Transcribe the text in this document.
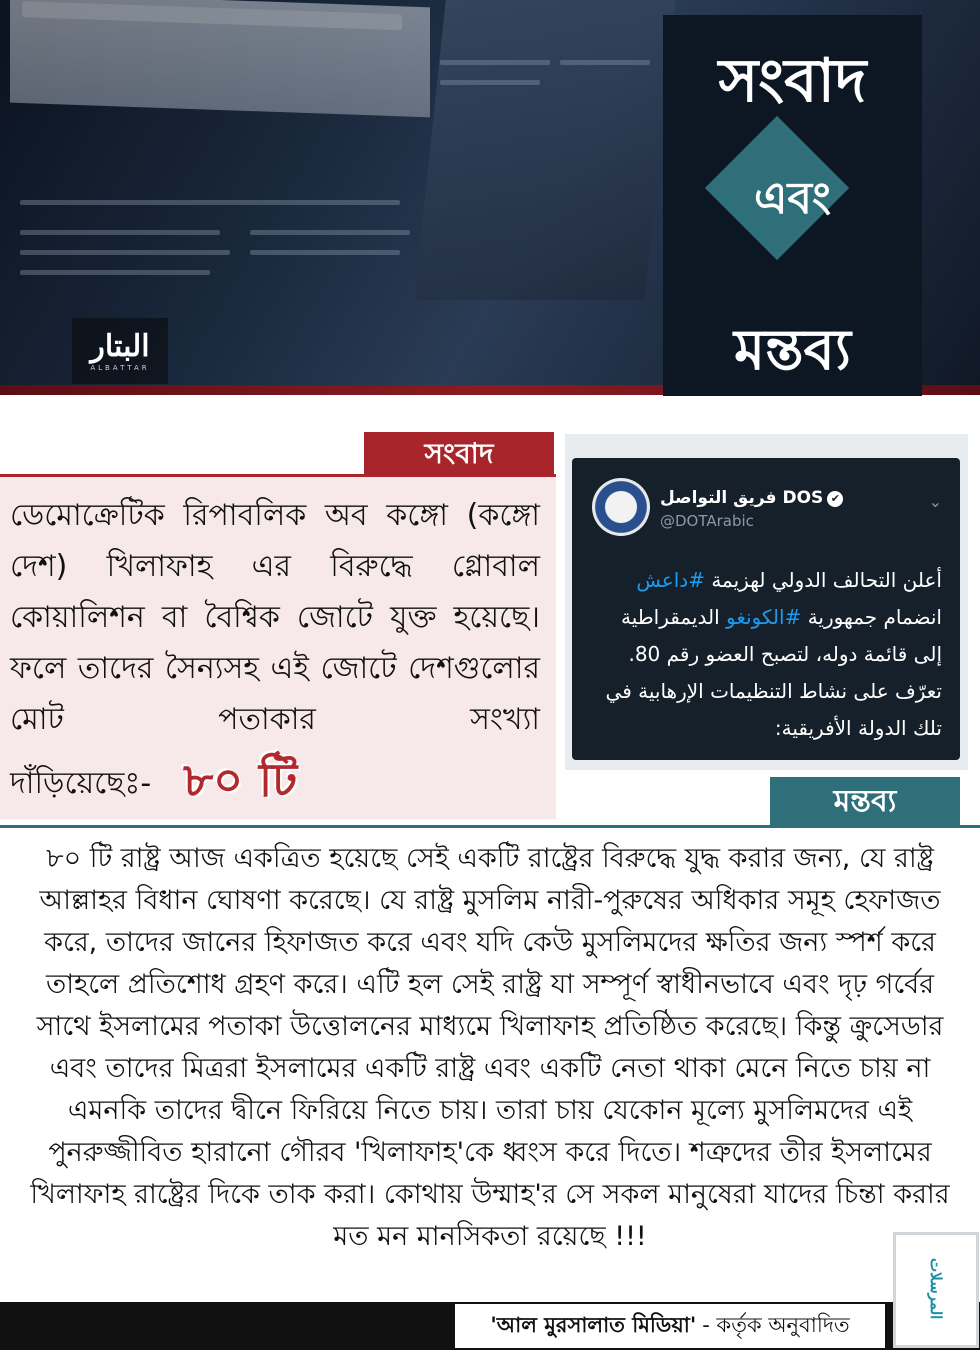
البتار
ALBATTAR
সংবাদ
এবং
মন্তব্য
সংবাদ
ডেমোক্রেটিক রিপাবলিক অব কঙ্গো (কঙ্গো দেশ) খিলাফাহ এর বিরুদ্ধে গ্লোবাল কোয়ালিশন বা বৈশ্বিক জোটে যুক্ত হয়েছে। ফলে তাদের সৈন্যসহ এই জোটে দেশগুলোর মোট পতাকার সংখ্যা
দাঁড়িয়েছেঃ- ৮০ টি
فريق التواصل DOS ✔
@DOTArabic
⌄
أعلن التحالف الدولي لهزيمة #داعش انضمام جمهورية #الكونغو الديمقراطية إلى قائمة دوله، لتصبح العضو رقم 80. تعرّف على نشاط التنظيمات الإرهابية في تلك الدولة الأفريقية:
মন্তব্য
৮০ টি রাষ্ট্র আজ একত্রিত হয়েছে সেই একটি রাষ্ট্রের বিরুদ্ধে যুদ্ধ করার জন্য, যে রাষ্ট্র আল্লাহর বিধান ঘোষণা করেছে। যে রাষ্ট্র মুসলিম নারী-পুরুষের অধিকার সমূহ হেফাজত করে, তাদের জানের হিফাজত করে এবং যদি কেউ মুসলিমদের ক্ষতির জন্য স্পর্শ করে তাহলে প্রতিশোধ গ্রহণ করে। এটি হল সেই রাষ্ট্র যা সম্পূর্ণ স্বাধীনভাবে এবং দৃঢ় গর্বের সাথে ইসলামের পতাকা উত্তোলনের মাধ্যমে খিলাফাহ প্রতিষ্ঠিত করেছে। কিন্তু ক্রুসেডার এবং তাদের মিত্ররা ইসলামের একটি রাষ্ট্র এবং একটি নেতা থাকা মেনে নিতে চায় না এমনকি তাদের দ্বীনে ফিরিয়ে নিতে চায়। তারা চায় যেকোন মূল্যে মুসলিমদের এই পুনরুজ্জীবিত হারানো গৌরব 'খিলাফাহ'কে ধ্বংস করে দিতে। শত্রুদের তীর ইসলামের খিলাফাহ রাষ্ট্রের দিকে তাক করা। কোথায় উম্মাহ'র সে সকল মানুষেরা যাদের চিন্তা করার মত মন মানসিকতা রয়েছে !!!
'আল মুরসালাত মিডিয়া' - কর্তৃক অনুবাদিত
المرسلات
